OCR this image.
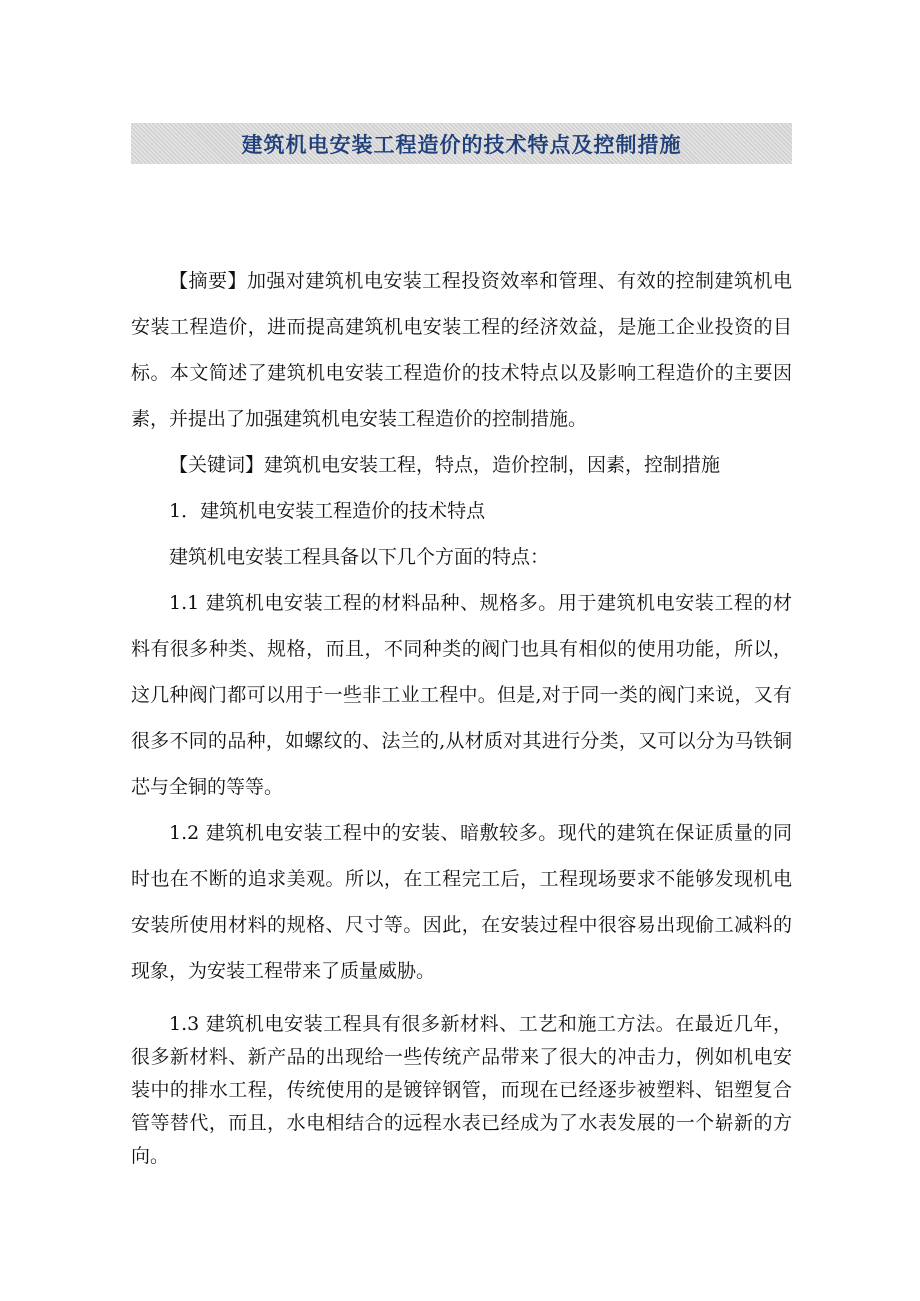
建筑机电安装工程造价的技术特点及控制措施

【摘要】加强对建筑机电安装工程投资效率和管理、有效的控制建筑机电安装工程造价，进而提高建筑机电安装工程的经济效益，是施工企业投资的目标。本文简述了建筑机电安装工程造价的技术特点以及影响工程造价的主要因素，并提出了加强建筑机电安装工程造价的控制措施。

【关键词】建筑机电安装工程，特点，造价控制，因素，控制措施

1．建筑机电安装工程造价的技术特点

建筑机电安装工程具备以下几个方面的特点：

1.1 建筑机电安装工程的材料品种、规格多。用于建筑机电安装工程的材料有很多种类、规格，而且，不同种类的阀门也具有相似的使用功能，所以，这几种阀门都可以用于一些非工业工程中。但是,对于同一类的阀门来说，又有很多不同的品种，如螺纹的、法兰的,从材质对其进行分类，又可以分为马铁铜芯与全铜的等等。

1.2 建筑机电安装工程中的安装、暗敷较多。现代的建筑在保证质量的同时也在不断的追求美观。所以，在工程完工后，工程现场要求不能够发现机电安装所使用材料的规格、尺寸等。因此，在安装过程中很容易出现偷工减料的现象，为安装工程带来了质量威胁。

1.3 建筑机电安装工程具有很多新材料、工艺和施工方法。在最近几年，很多新材料、新产品的出现给一些传统产品带来了很大的冲击力，例如机电安装中的排水工程，传统使用的是镀锌钢管，而现在已经逐步被塑料、铝塑复合管等替代，而且，水电相结合的远程水表已经成为了水表发展的一个崭新的方向。
